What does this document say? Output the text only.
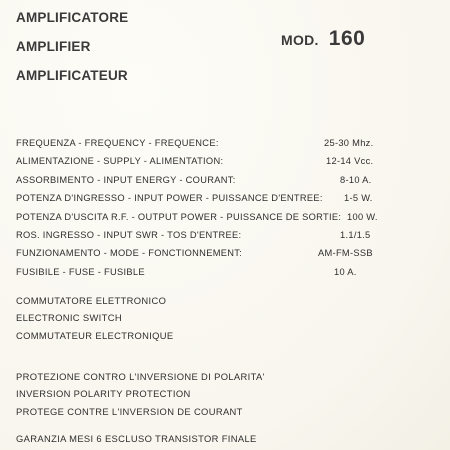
AMPLIFICATORE
AMPLIFIER
AMPLIFICATEUR
MOD. 160
FREQUENZA - FREQUENCY - FREQUENCE:	25-30 Mhz.
ALIMENTAZIONE - SUPPLY - ALIMENTATION:	12-14 Vcc.
ASSORBIMENTO - INPUT ENERGY - COURANT:	8-10 A.
POTENZA D'INGRESSO - INPUT POWER - PUISSANCE D'ENTREE: 1-5 W.
POTENZA D'USCITA R.F. - OUTPUT POWER - PUISSANCE DE SORTIE: 100 W.
ROS. INGRESSO - INPUT SWR - TOS D'ENTREE:	1.1/1.5
FUNZIONAMENTO - MODE - FONCTIONNEMENT:	AM-FM-SSB
FUSIBILE - FUSE - FUSIBLE	10 A.
COMMUTATORE ELETTRONICO
ELECTRONIC SWITCH
COMMUTATEUR ELECTRONIQUE
PROTEZIONE CONTRO L'INVERSIONE DI POLARITA'
INVERSION POLARITY PROTECTION
PROTEGE CONTRE L'INVERSION DE COURANT
GARANZIA MESI 6 ESCLUSO TRANSISTOR FINALE
